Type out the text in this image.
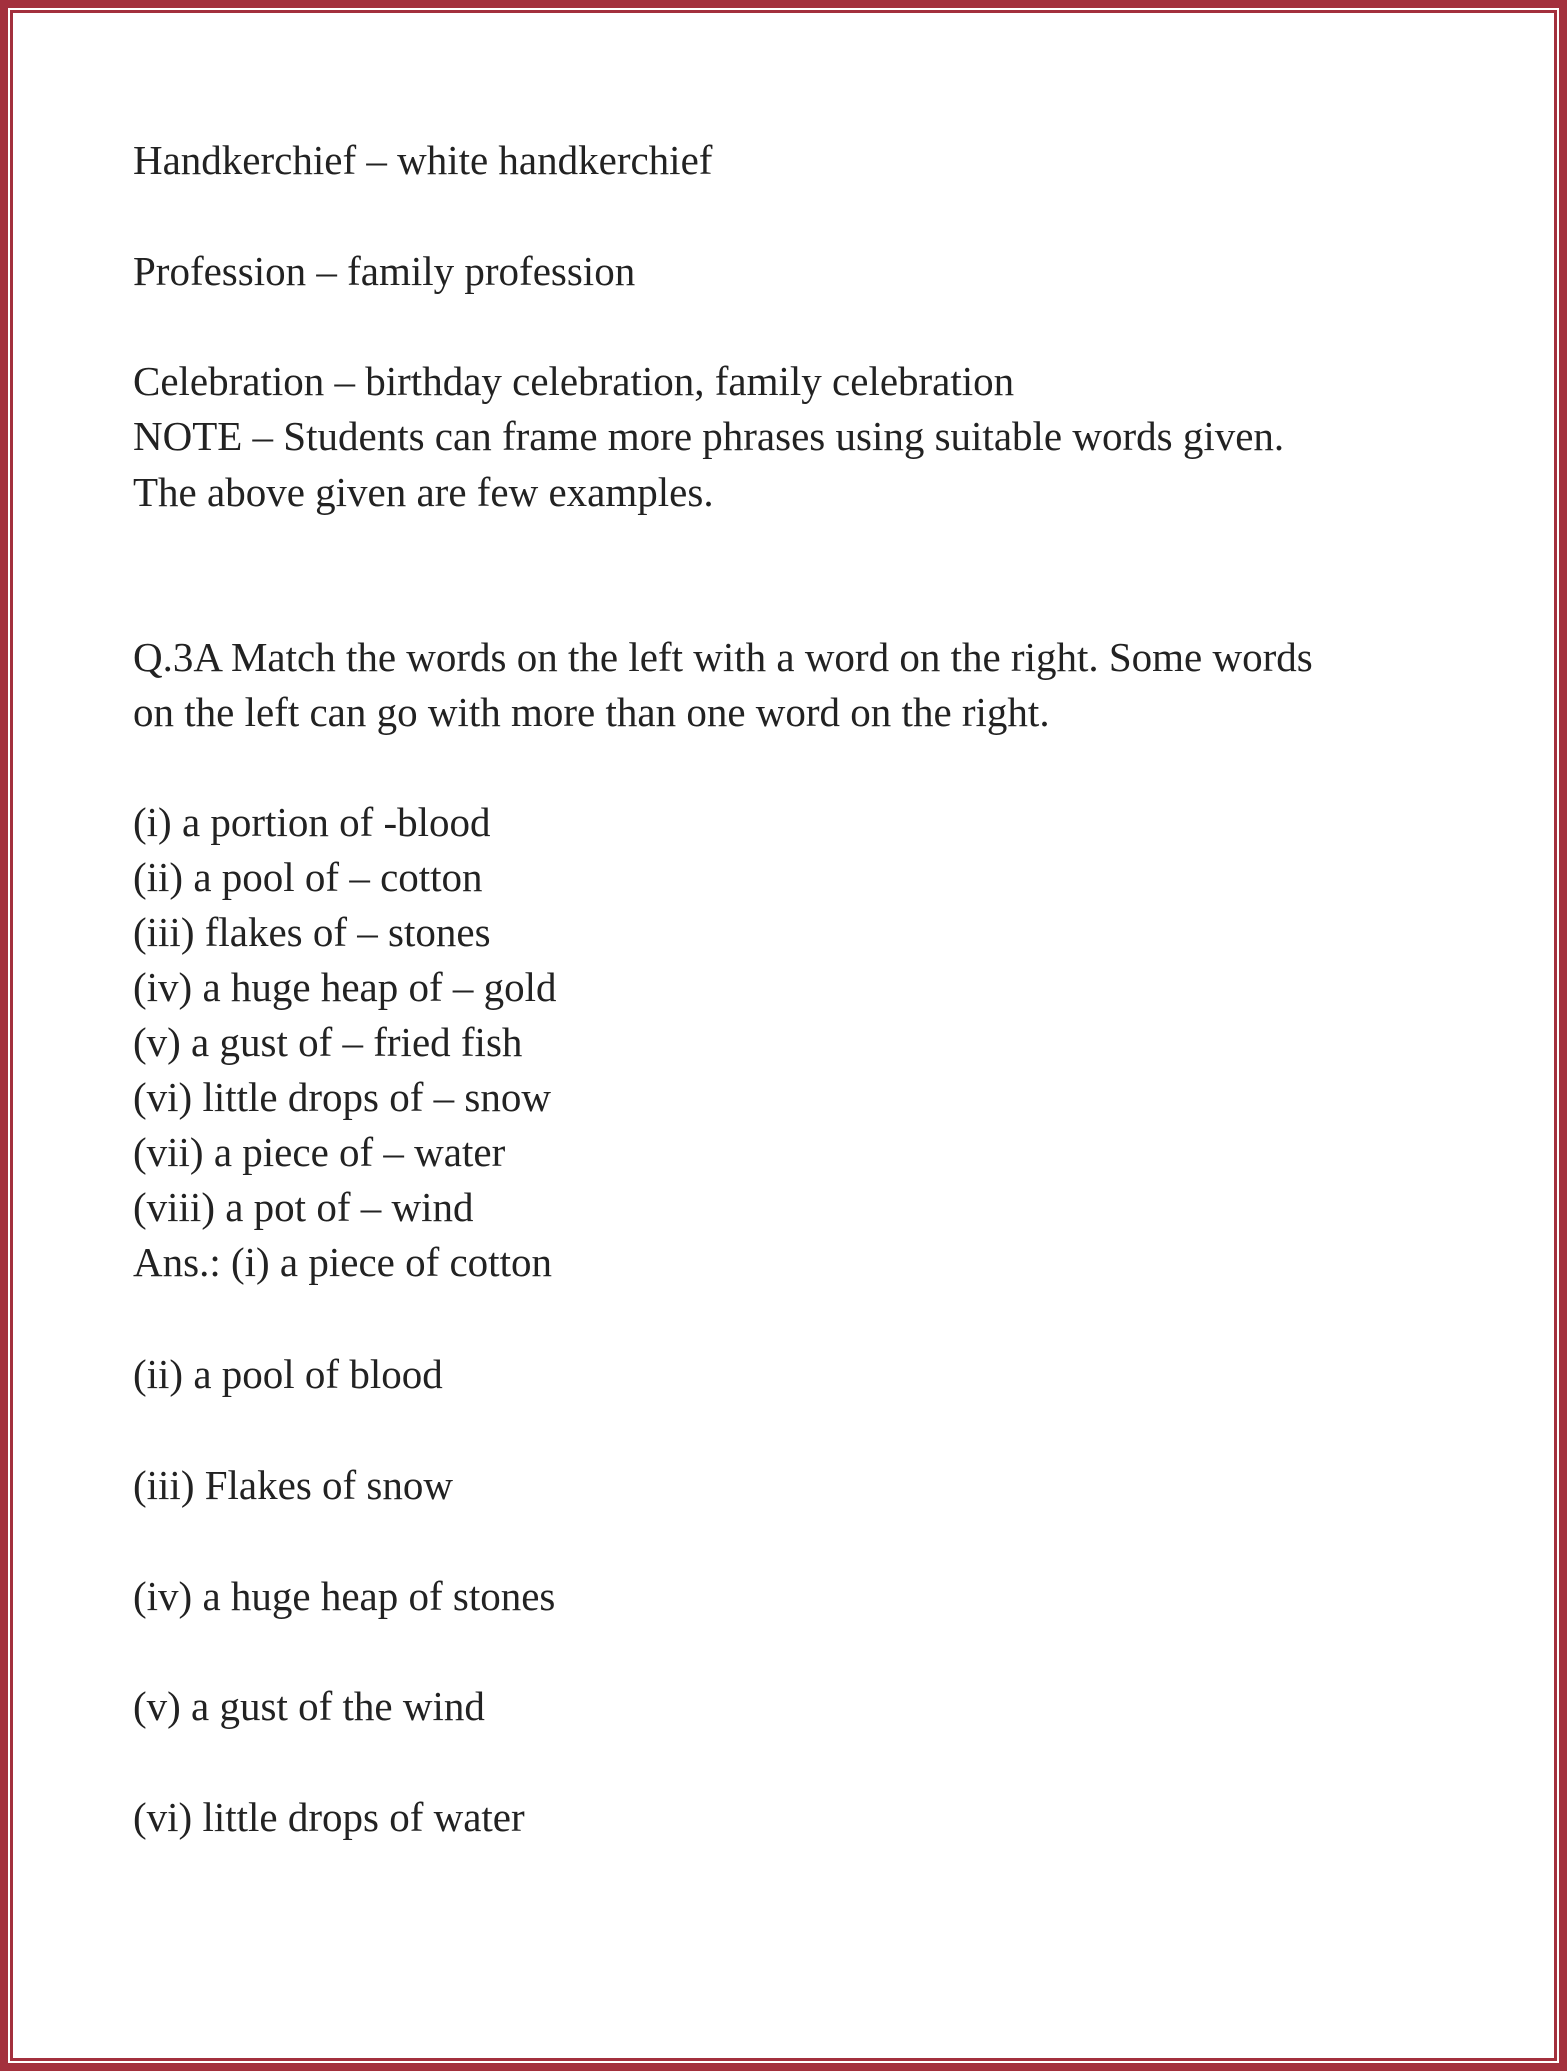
Handkerchief – white handkerchief
Profession – family profession
Celebration – birthday celebration, family celebration
NOTE – Students can frame more phrases using suitable words given.
The above given are few examples.
Q.3A Match the words on the left with a word on the right. Some words
on the left can go with more than one word on the right.
(i) a portion of -blood
(ii) a pool of – cotton
(iii) flakes of – stones
(iv) a huge heap of – gold
(v) a gust of – fried fish
(vi) little drops of – snow
(vii) a piece of – water
(viii) a pot of – wind
Ans.: (i) a piece of cotton
(ii) a pool of blood
(iii) Flakes of snow
(iv) a huge heap of stones
(v) a gust of the wind
(vi) little drops of water
